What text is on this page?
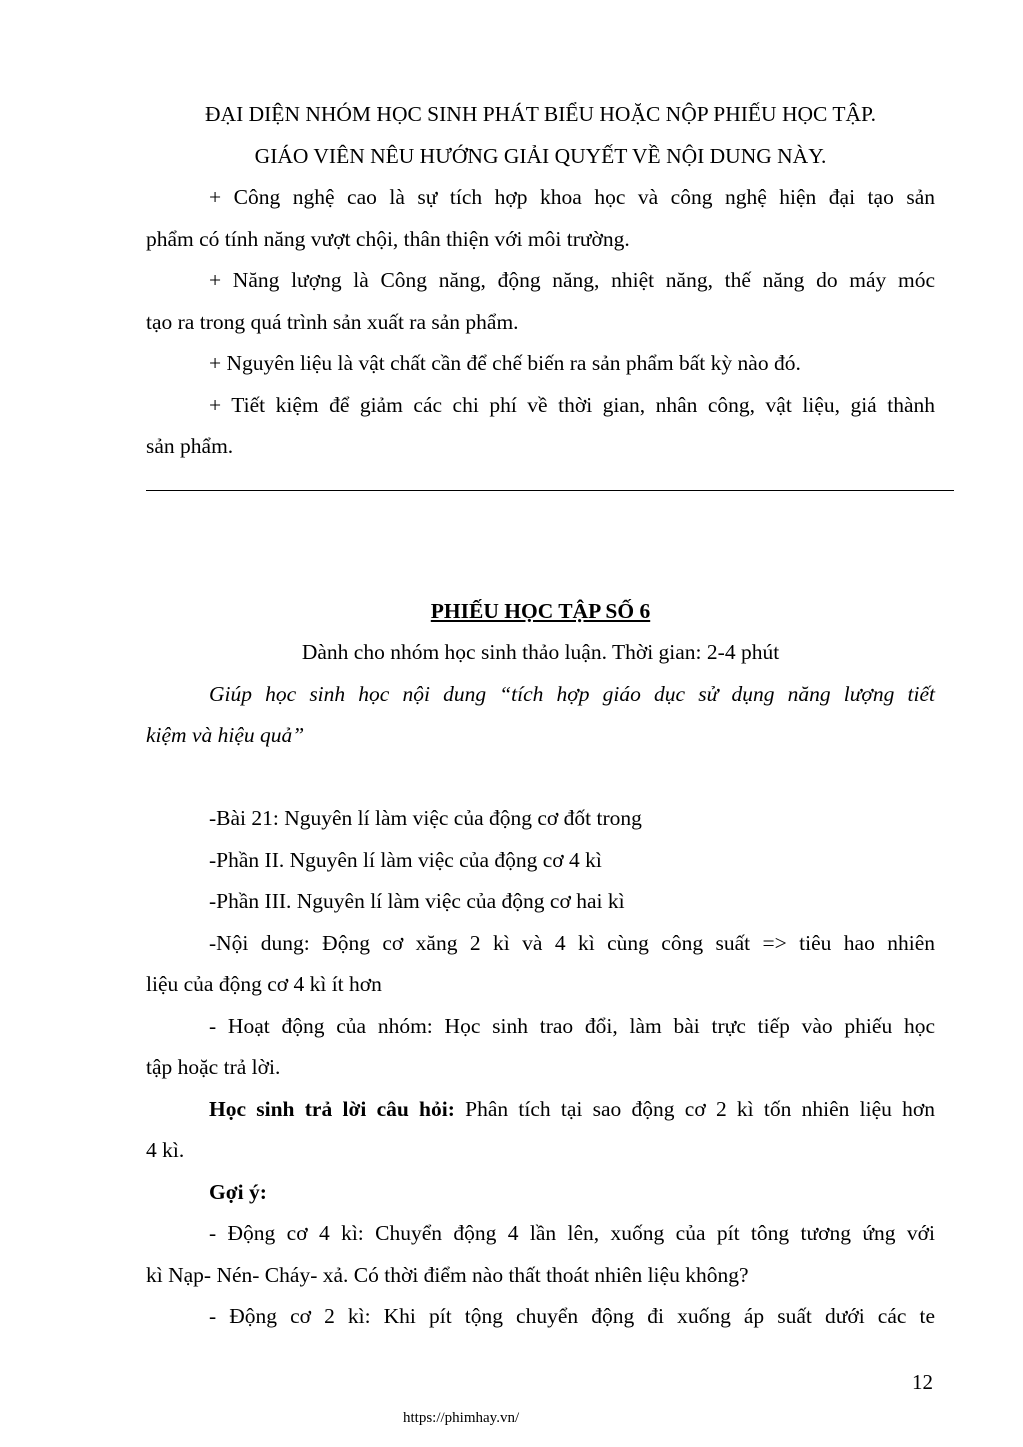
ĐẠI DIỆN NHÓM HỌC SINH PHÁT BIỂU HOẶC NỘP PHIẾU HỌC TẬP.
GIÁO VIÊN NÊU HƯỚNG GIẢI QUYẾT VỀ NỘI DUNG NÀY.
+ Công nghệ cao là sự tích hợp khoa học và công nghệ hiện đại tạo sản
phẩm có tính năng vượt chội, thân thiện với môi trường.
+ Năng lượng là Công năng, động năng, nhiệt năng, thế năng do máy móc
tạo ra trong quá trình sản xuất ra sản phẩm.
+ Nguyên liệu là vật chất cần để chế biến ra sản phẩm bất kỳ nào đó.
+ Tiết kiệm để giảm các chi phí về thời gian, nhân công, vật liệu, giá thành
sản phẩm.
PHIẾU HỌC TẬP SỐ 6
Dành cho nhóm học sinh thảo luận. Thời gian: 2-4 phút
Giúp học sinh học nội dung “tích hợp giáo dục sử dụng năng lượng tiết
kiệm và hiệu quả”
-Bài 21: Nguyên lí làm việc của động cơ đốt trong
-Phần II. Nguyên lí làm việc của động cơ 4 kì
-Phần III. Nguyên lí làm việc của động cơ hai kì
-Nội dung: Động cơ xăng 2 kì và 4 kì cùng công suất => tiêu hao nhiên
liệu của động cơ 4 kì ít hơn
- Hoạt động của nhóm: Học sinh trao đổi, làm bài trực tiếp vào phiếu học
tập hoặc trả lời.
Học sinh trả lời câu hỏi: Phân tích tại sao động cơ 2 kì tốn nhiên liệu hơn
4 kì.
Gợi ý:
- Động cơ 4 kì: Chuyển động 4 lần lên, xuống của pít tông tương ứng với
kì Nạp- Nén- Cháy- xả. Có thời điểm nào thất thoát nhiên liệu không?
- Động cơ 2 kì: Khi pít tộng chuyển động đi xuống áp suất dưới các te
12
https://phimhay.vn/
